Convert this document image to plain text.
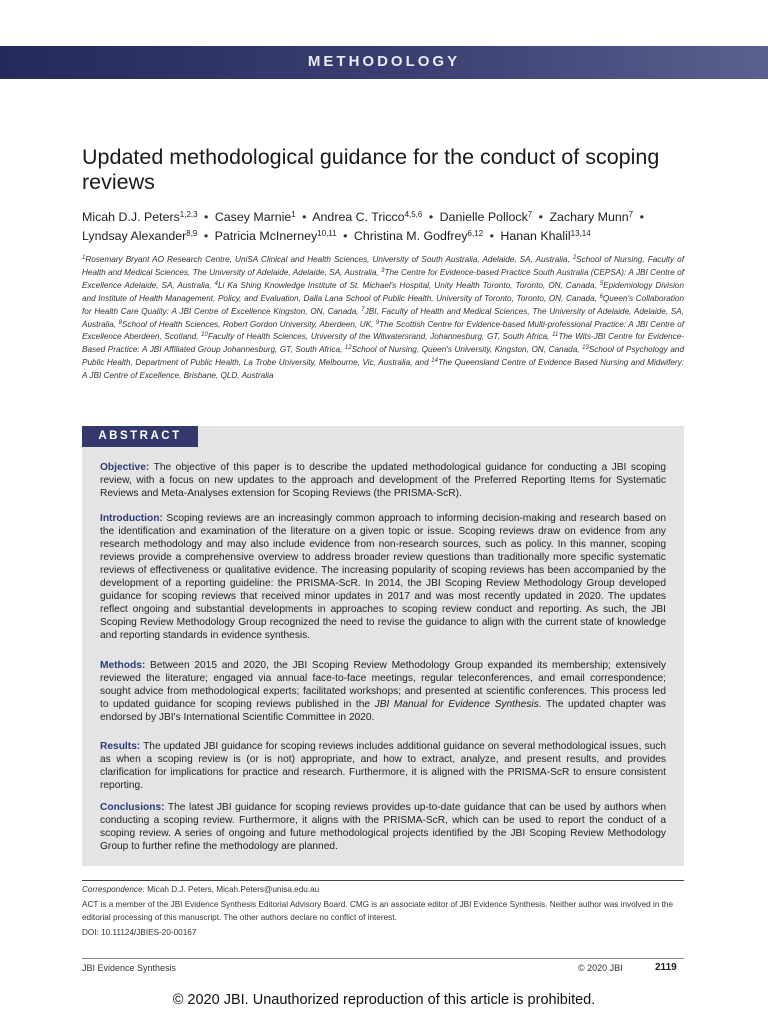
METHODOLOGY
Updated methodological guidance for the conduct of scoping reviews
Micah D.J. Peters$^{1,2,3}$ • Casey Marnie$^1$ • Andrea C. Tricco$^{4,5,6}$ • Danielle Pollock$^7$ • Zachary Munn$^7$ •
Lyndsay Alexander$^{8,9}$ • Patricia McInerney$^{10,11}$ • Christina M. Godfrey$^{6,12}$ • Hanan Khalil$^{13,14}$
$^1$Rosemary Bryant AO Research Centre, UniSA Clinical and Health Sciences, University of South Australia, Adelaide, SA, Australia, $^2$School of Nursing, Faculty of Health and Medical Sciences, The University of Adelaide, Adelaide, SA, Australia, $^3$The Centre for Evidence-based Practice South Australia (CEPSA): A JBI Centre of Excellence Adelaide, SA, Australia, $^4$Li Ka Shing Knowledge Institute of St. Michael's Hospital, Unity Health Toronto, Toronto, ON, Canada, $^5$Epidemiology Division and Institute of Health Management, Policy, and Evaluation, Dalla Lana School of Public Health, University of Toronto, Toronto, ON, Canada, $^6$Queen's Collaboration for Health Care Quality: A JBI Centre of Excellence Kingston, ON, Canada, $^7$JBI, Faculty of Health and Medical Sciences, The University of Adelaide, Adelaide, SA, Australia, $^8$School of Health Sciences, Robert Gordon University, Aberdeen, UK, $^9$The Scottish Centre for Evidence-based Multi-professional Practice: A JBI Centre of Excellence Aberdeen, Scotland, $^{10}$Faculty of Health Sciences, University of the Witwatersrand, Johannesburg, GT, South Africa, $^{11}$The Wits-JBI Centre for Evidence-Based Practice: A JBI Affiliated Group Johannesburg, GT, South Africa, $^{12}$School of Nursing, Queen's University, Kingston, ON, Canada, $^{13}$School of Psychology and Public Health, Department of Public Health, La Trobe University, Melbourne, Vic, Australia, and $^{14}$The Queensland Centre of Evidence Based Nursing and Midwifery: A JBI Centre of Excellence, Brisbane, QLD, Australia
ABSTRACT

Objective: The objective of this paper is to describe the updated methodological guidance for conducting a JBI scoping review, with a focus on new updates to the approach and development of the Preferred Reporting Items for Systematic Reviews and Meta-Analyses extension for Scoping Reviews (the PRISMA-ScR).

Introduction: Scoping reviews are an increasingly common approach to informing decision-making and research based on the identification and examination of the literature on a given topic or issue. Scoping reviews draw on evidence from any research methodology and may also include evidence from non-research sources, such as policy. In this manner, scoping reviews provide a comprehensive overview to address broader review questions than traditionally more specific systematic reviews of effectiveness or qualitative evidence. The increasing popularity of scoping reviews has been accompanied by the development of a reporting guideline: the PRISMA-ScR. In 2014, the JBI Scoping Review Methodology Group developed guidance for scoping reviews that received minor updates in 2017 and was most recently updated in 2020. The updates reflect ongoing and substantial developments in approaches to scoping review conduct and reporting. As such, the JBI Scoping Review Methodology Group recognized the need to revise the guidance to align with the current state of knowledge and reporting standards in evidence synthesis.

Methods: Between 2015 and 2020, the JBI Scoping Review Methodology Group expanded its membership; extensively reviewed the literature; engaged via annual face-to-face meetings, regular teleconferences, and email correspondence; sought advice from methodological experts; facilitated workshops; and presented at scientific conferences. This process led to updated guidance for scoping reviews published in the JBI Manual for Evidence Synthesis. The updated chapter was endorsed by JBI's International Scientific Committee in 2020.

Results: The updated JBI guidance for scoping reviews includes additional guidance on several methodological issues, such as when a scoping review is (or is not) appropriate, and how to extract, analyze, and present results, and provides clarification for implications for practice and research. Furthermore, it is aligned with the PRISMA-ScR to ensure consistent reporting.

Conclusions: The latest JBI guidance for scoping reviews provides up-to-date guidance that can be used by authors when conducting a scoping review. Furthermore, it aligns with the PRISMA-ScR, which can be used to report the conduct of a scoping review. A series of ongoing and future methodological projects identified by the JBI Scoping Review Methodology Group to further refine the methodology are planned.

Correspondence: Micah D.J. Peters, Micah.Peters@unisa.edu.au
ACT is a member of the JBI Evidence Synthesis Editorial Advisory Board. CMG is an associate editor of JBI Evidence Synthesis. Neither author was involved in the editorial processing of this manuscript. The other authors declare no conflict of interest.
DOI: 10.11124/JBIES-20-00167
JBI Evidence Synthesis	© 2020 JBI	2119
© 2020 JBI. Unauthorized reproduction of this article is prohibited.
